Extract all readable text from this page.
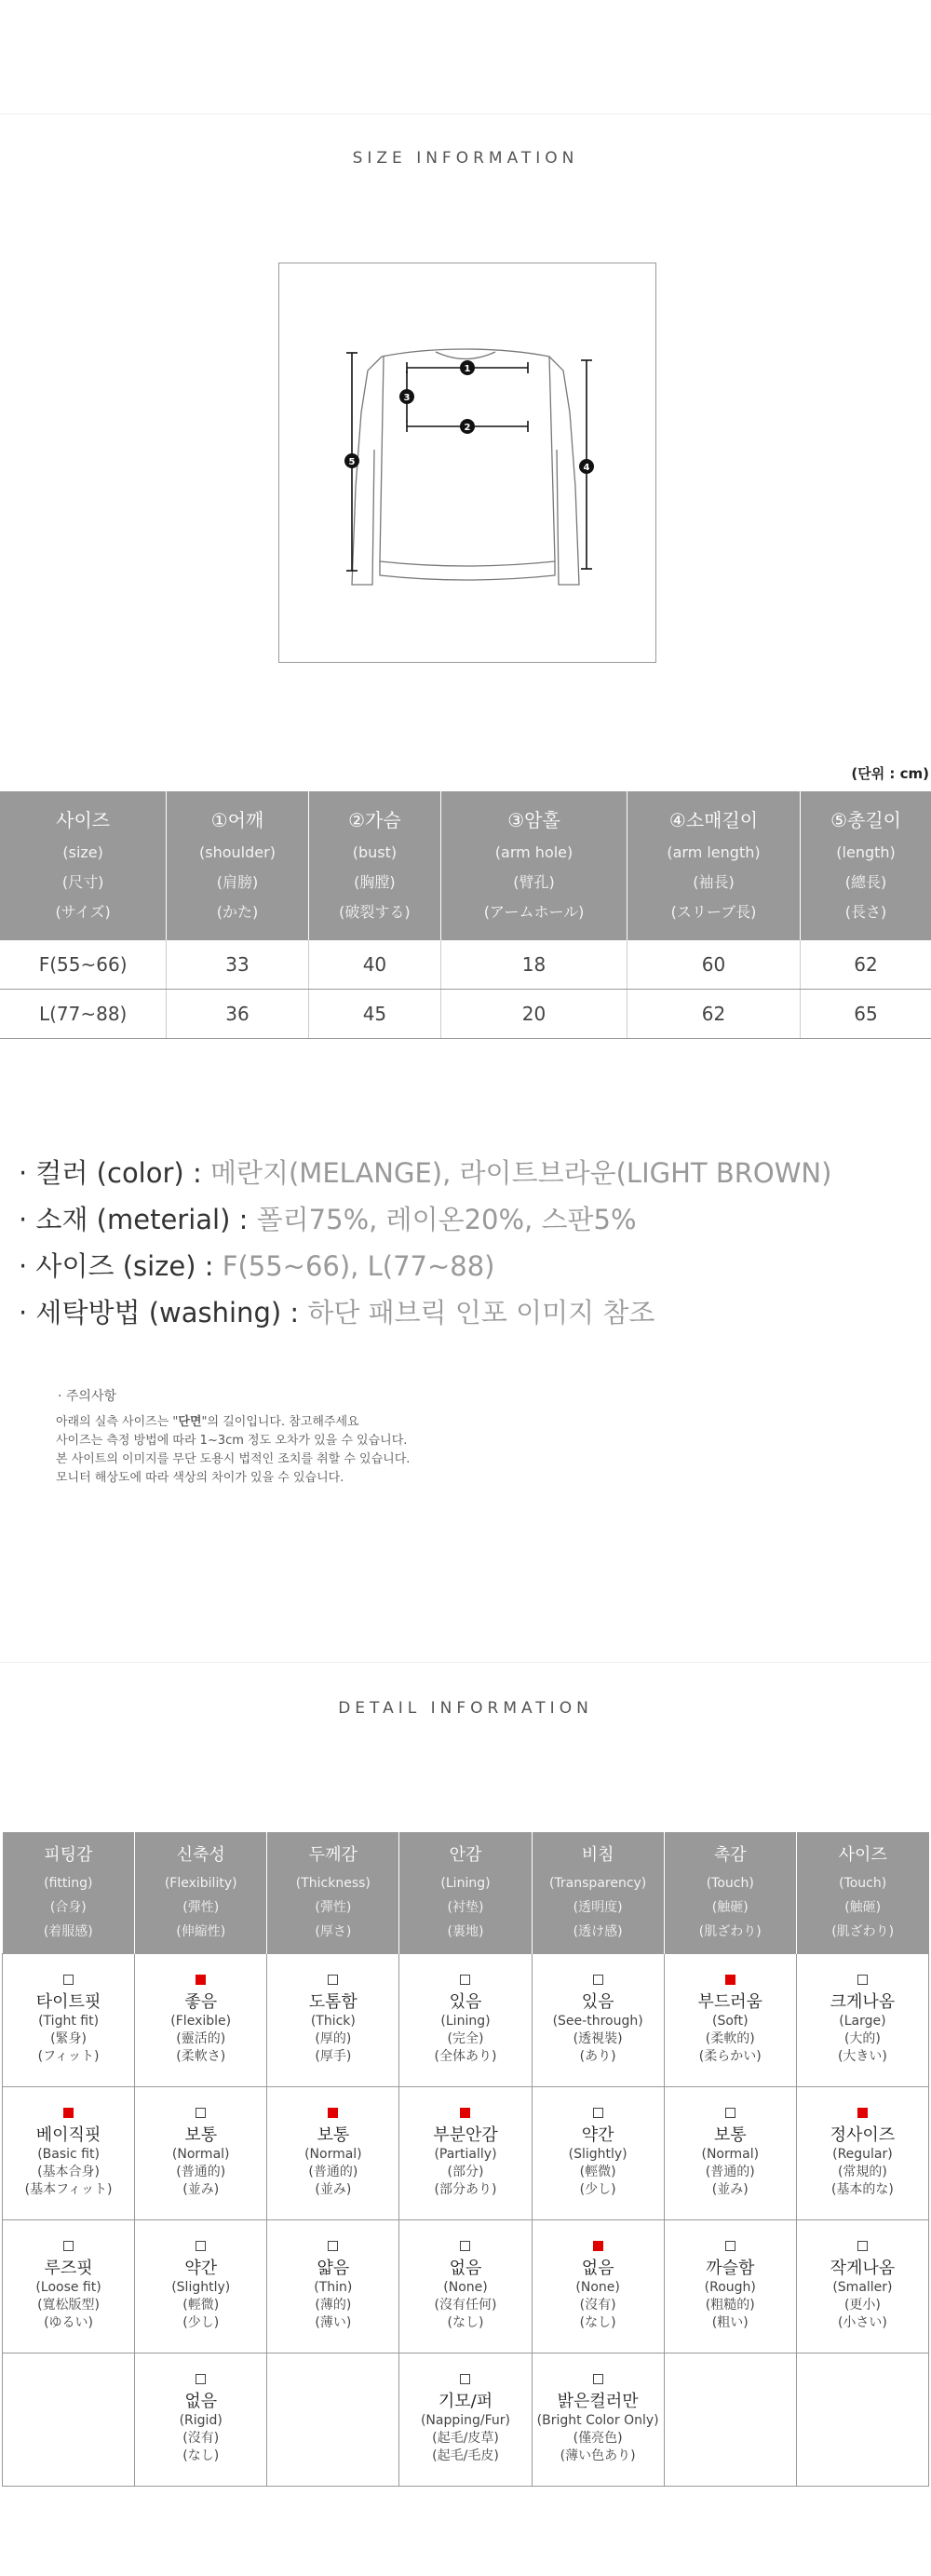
SIZE INFORMATION
1
2
3
4
5
(단위 : cm)
사이즈
(size)
(尺寸)
(サイズ)	①어깨
(shoulder)
(肩膀)
(かた)	②가슴
(bust)
(胸膛)
(破裂する)	③암홀
(arm hole)
(臂孔)
(アームホール)	④소매길이
(arm length)
(袖長)
(スリーブ長)	⑤총길이
(length)
(總長)
(長さ)

F(55~66)	33	40	18	60	62
L(77~88)	36	45	20	62	65
· 컬러 (color) : 메란지(MELANGE), 라이트브라운(LIGHT BROWN)
· 소재 (meterial) : 폴리75%, 레이온20%, 스판5%
· 사이즈 (size) : F(55~66), L(77~88)
· 세탁방법 (washing) : 하단 패브릭 인포 이미지 참조
· 주의사항
아래의 실측 사이즈는 "단면"의 길이입니다. 참고해주세요
사이즈는 측정 방법에 따라 1~3cm 정도 오차가 있을 수 있습니다.
본 사이트의 이미지를 무단 도용시 법적인 조치를 취할 수 있습니다.
모니터 해상도에 따라 색상의 차이가 있을 수 있습니다.
DETAIL INFORMATION
피팅감
(fitting)
(合身)
(着服感)	신축성
(Flexibility)
(彈性)
(伸縮性)	두께감
(Thickness)
(彈性)
(厚さ)	안감
(Lining)
(衬垫)
(裏地)	비침
(Transparency)
(透明度)
(透け感)	촉감
(Touch)
(触砸)
(肌ざわり)	사이즈
(Touch)
(触砸)
(肌ざわり)

타이트핏
(Tight fit)
(緊身)
(フィット)	좋음
(Flexible)
(靈活的)
(柔軟さ)	도톰함
(Thick)
(厚的)
(厚手)	있음
(Lining)
(完全)
(全体あり)	있음
(See-through)
(透視裝)
(あり)	부드러움
(Soft)
(柔軟的)
(柔らかい)	크게나옴
(Large)
(大的)
(大きい)

베이직핏
(Basic fit)
(基本合身)
(基本フィット)	보통
(Normal)
(普通的)
(並み)	보통
(Normal)
(普通的)
(並み)	부분안감
(Partially)
(部分)
(部分あり)	약간
(Slightly)
(輕微)
(少し)	보통
(Normal)
(普通的)
(並み)	정사이즈
(Regular)
(常規的)
(基本的な)

루즈핏
(Loose fit)
(寬松版型)
(ゆるい)	약간
(Slightly)
(輕微)
(少し)	얇음
(Thin)
(薄的)
(薄い)	없음
(None)
(沒有任何)
(なし)	없음
(None)
(沒有)
(なし)	까슬함
(Rough)
(粗糙的)
(粗い)	작게나옴
(Smaller)
(更小)
(小さい)

	없음
(Rigid)
(沒有)
(なし)		기모/퍼
(Napping/Fur)
(起毛/皮草)
(起毛/毛皮)	밝은컬러만
(Bright Color Only)
(僅亮色)
(薄い色あり)		
